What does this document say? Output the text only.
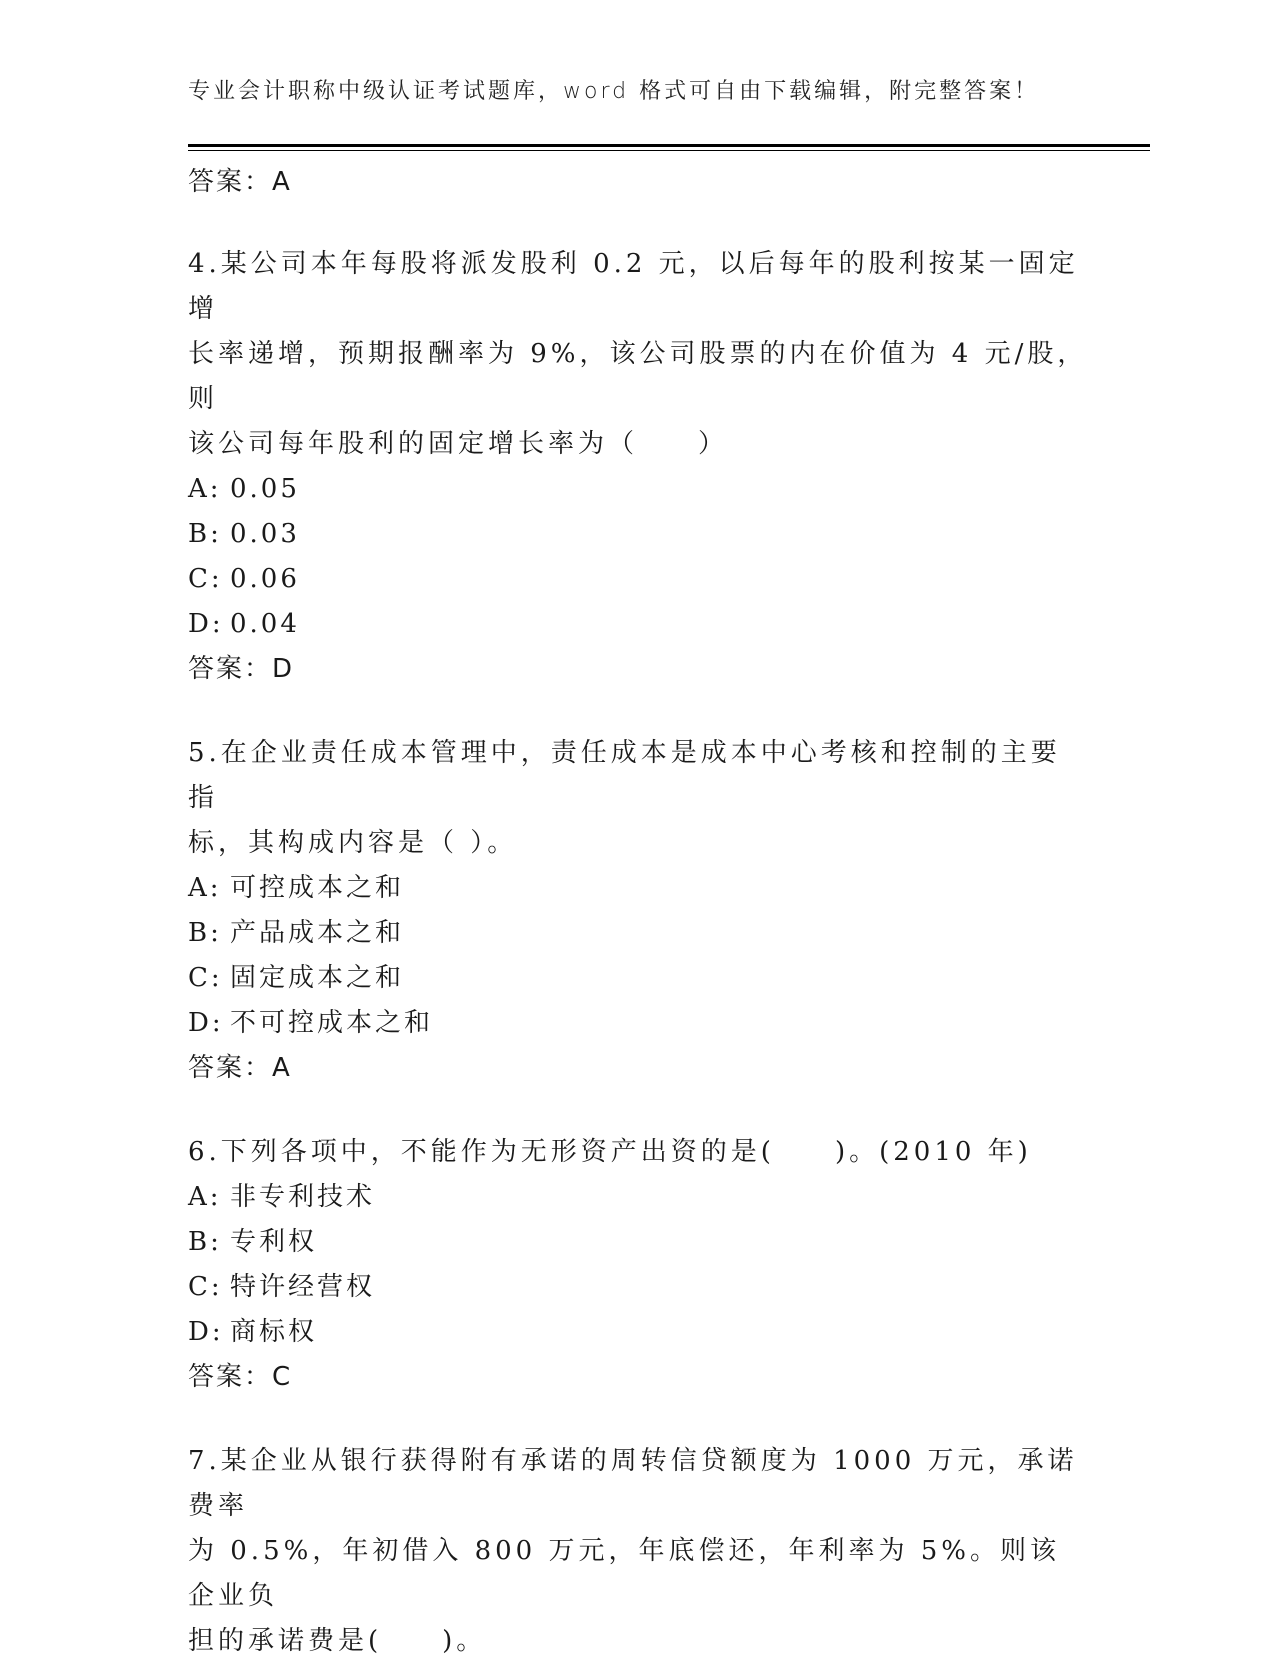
专业会计职称中级认证考试题库，word 格式可自由下载编辑，附完整答案！
答案：A
4.某公司本年每股将派发股利 0.2 元，以后每年的股利按某一固定增
长率递增，预期报酬率为 9%，该公司股票的内在价值为 4 元/股，则
该公司每年股利的固定增长率为（　　）
A: 0.05
B: 0.03
C: 0.06
D: 0.04
答案：D
5.在企业责任成本管理中，责任成本是成本中心考核和控制的主要指
标，其构成内容是（ ）。
A: 可控成本之和
B: 产品成本之和
C: 固定成本之和
D: 不可控成本之和
答案：A
6.下列各项中，不能作为无形资产出资的是(　　)。(2010 年)
A: 非专利技术
B: 专利权
C: 特许经营权
D: 商标权
答案：C
7.某企业从银行获得附有承诺的周转信贷额度为 1000 万元，承诺费率
为 0.5%，年初借入 800 万元，年底偿还，年利率为 5%。则该企业负
担的承诺费是(　　)。
